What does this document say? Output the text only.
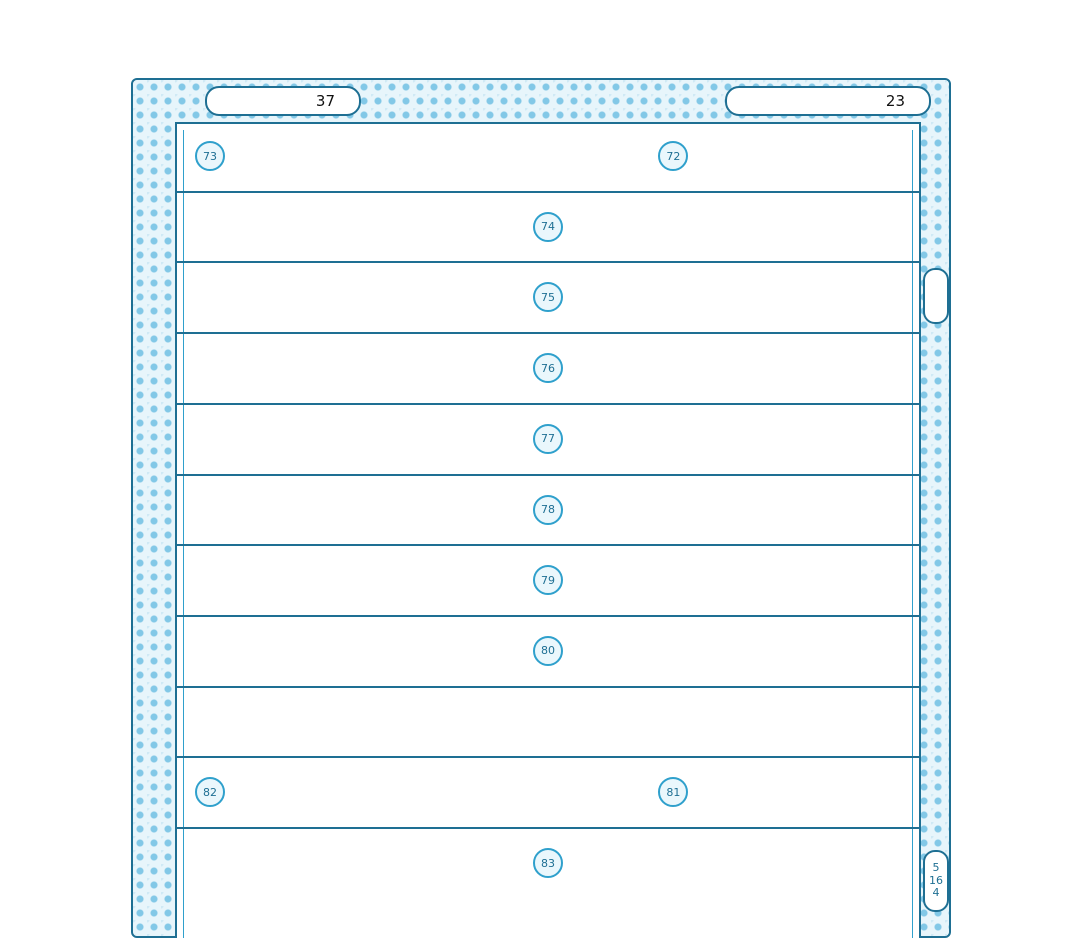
37	23
5
16
4
72
73
74
75
76
77
78
79
80
81
82
83
